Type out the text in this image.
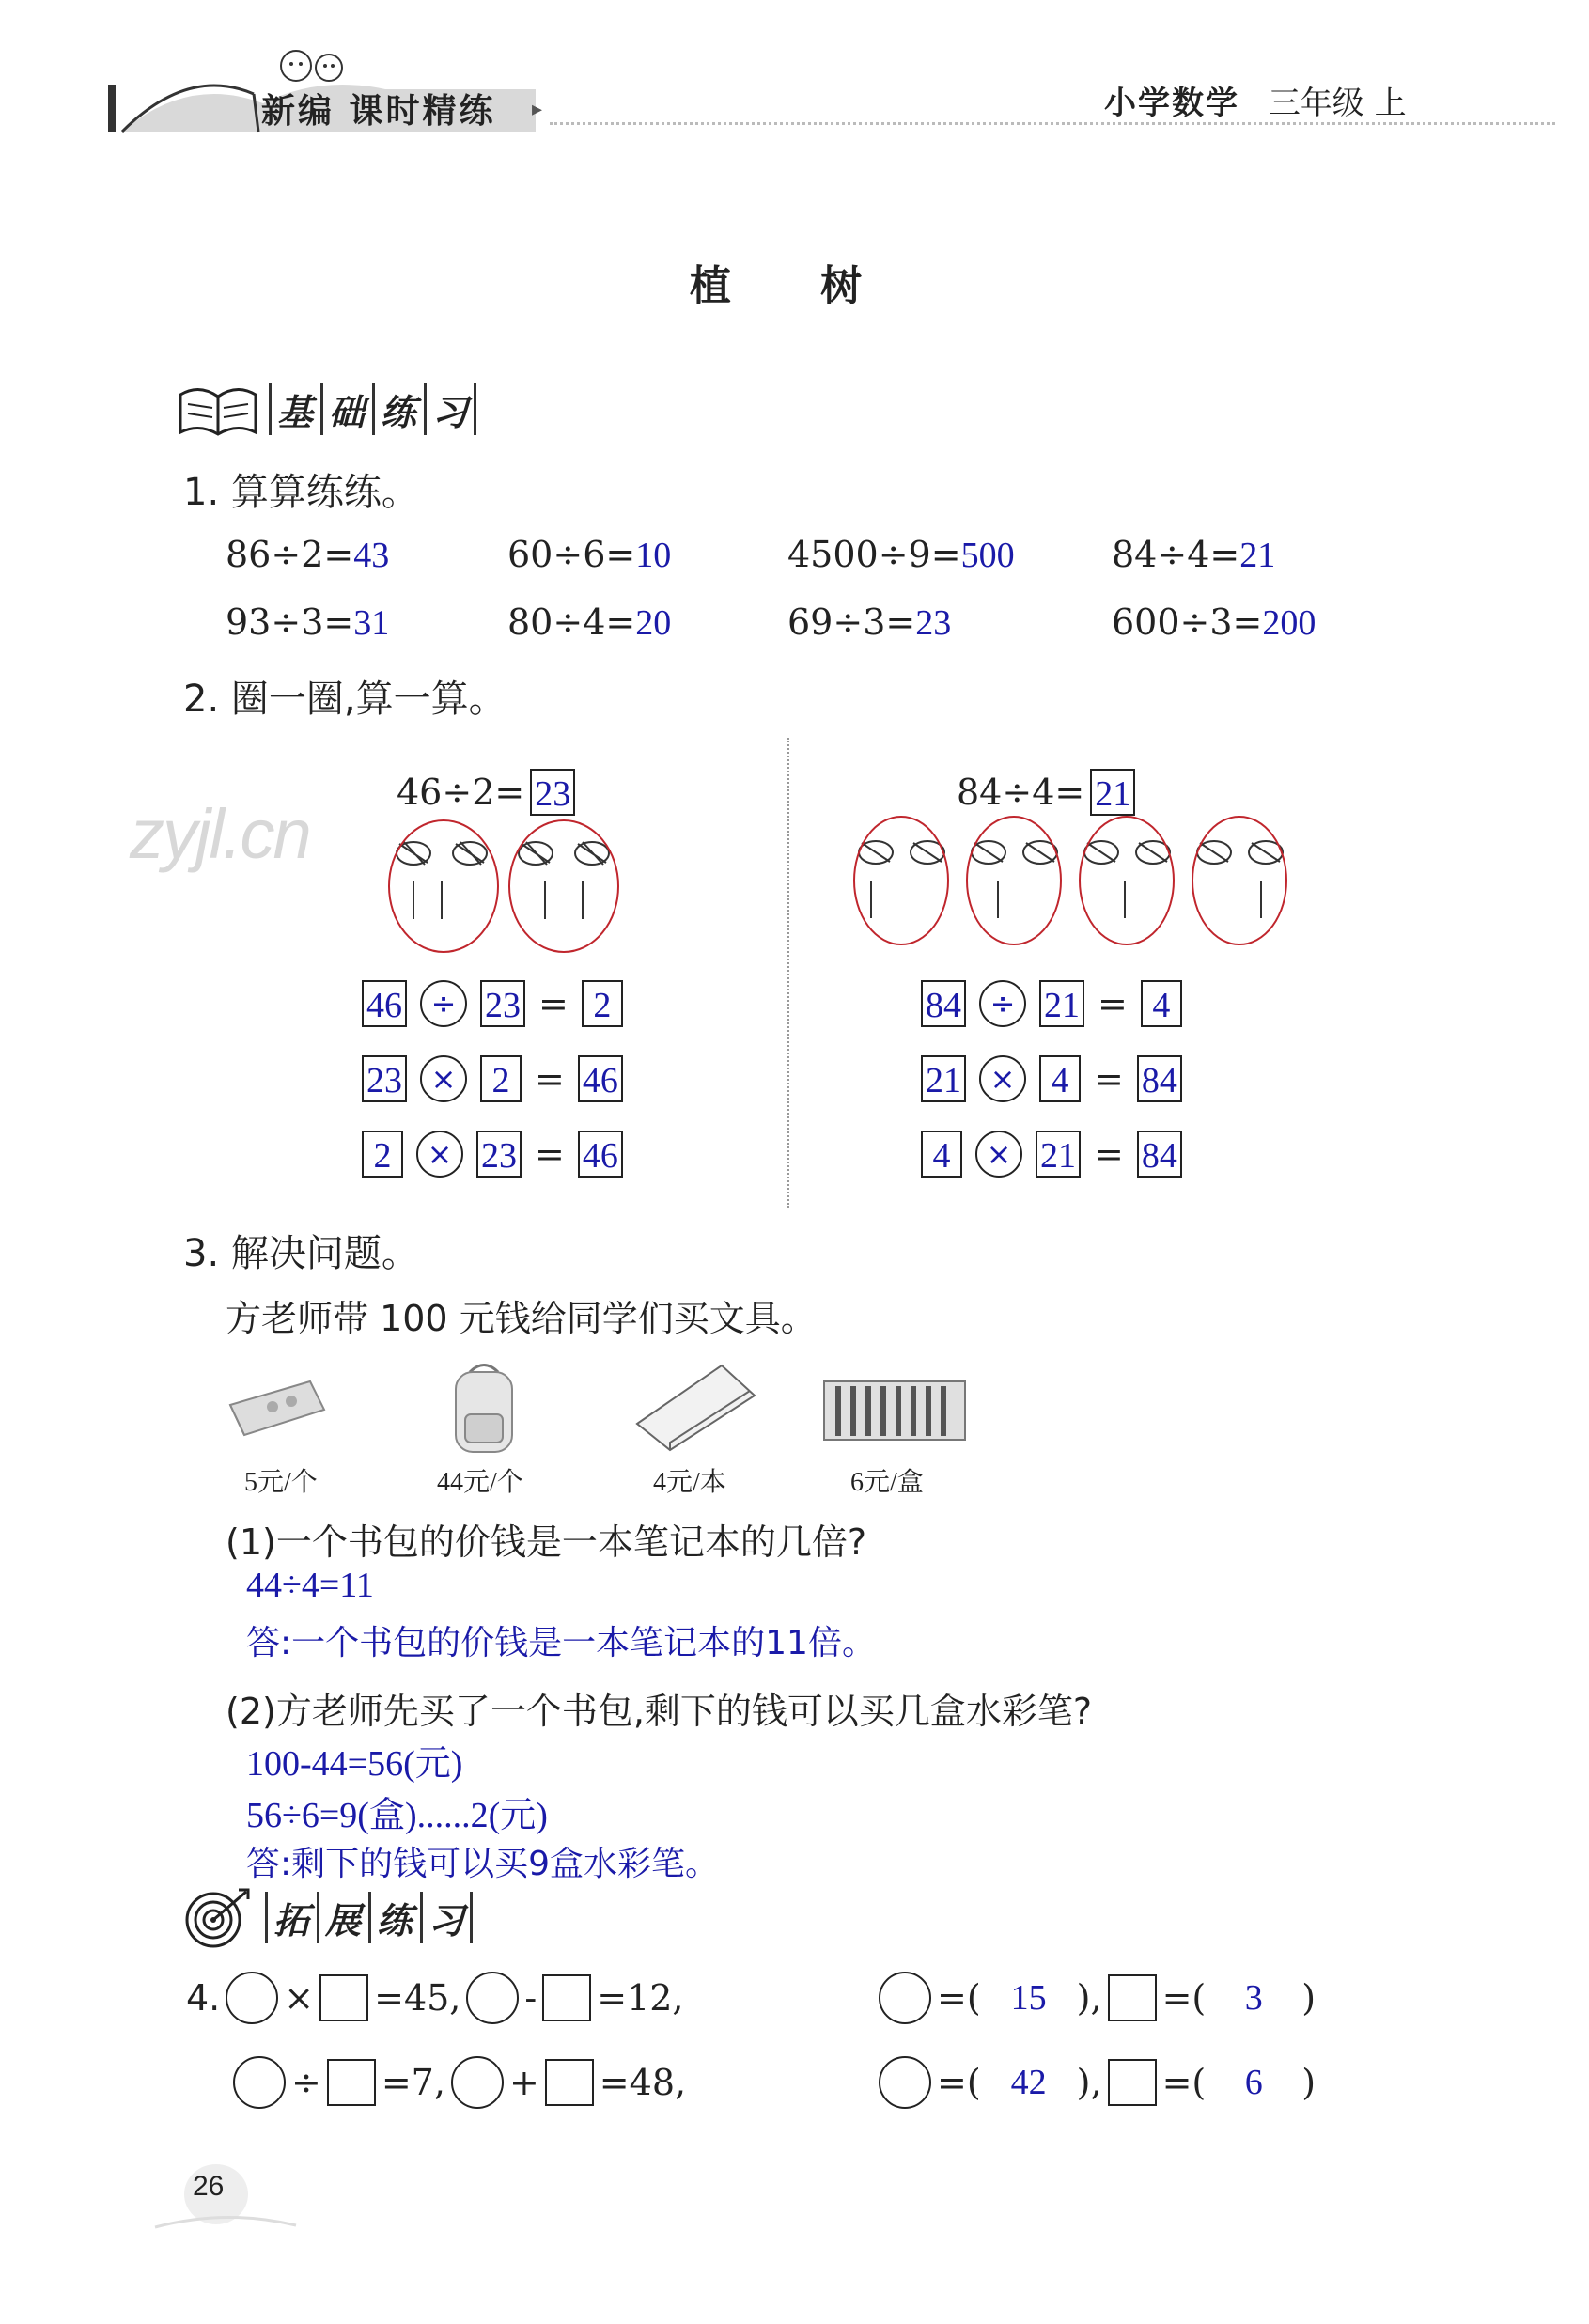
新编 课时精练 ▸	小学数学 三年级 上
植 树
基 础 练 习
1. 算算练练。
86÷2=43	60÷6=10	4500÷9=500	84÷4=21
93÷3=31	80÷4=20	69÷3=23	600÷3=200
2. 圈一圈,算一算。
zyjl.cn
46÷2= 23
46 ÷ 23 = 2
23 ×	2 = 46
2	× 23 = 46
84÷4= 21
84 ÷ 21 = 4
21 ×	4 = 84
4	× 21 = 84
3. 解决问题。
方老师带 100 元钱给同学们买文具。
5元/个	44元/个	4元/本	6元/盒
(1)一个书包的价钱是一本笔记本的几倍?
44÷4=11
答:一个书包的价钱是一本笔记本的11倍。
(2)方老师先买了一个书包,剩下的钱可以买几盒水彩笔?
100-44=56(元)
56÷6=9(盒)......2(元)
答:剩下的钱可以买9盒水彩笔。
拓 展 练 习
4. × =45, - =12,	=( 15 ), =(	3	)
÷ =7, + =48,	=( 42 ), =(	6	)
26
